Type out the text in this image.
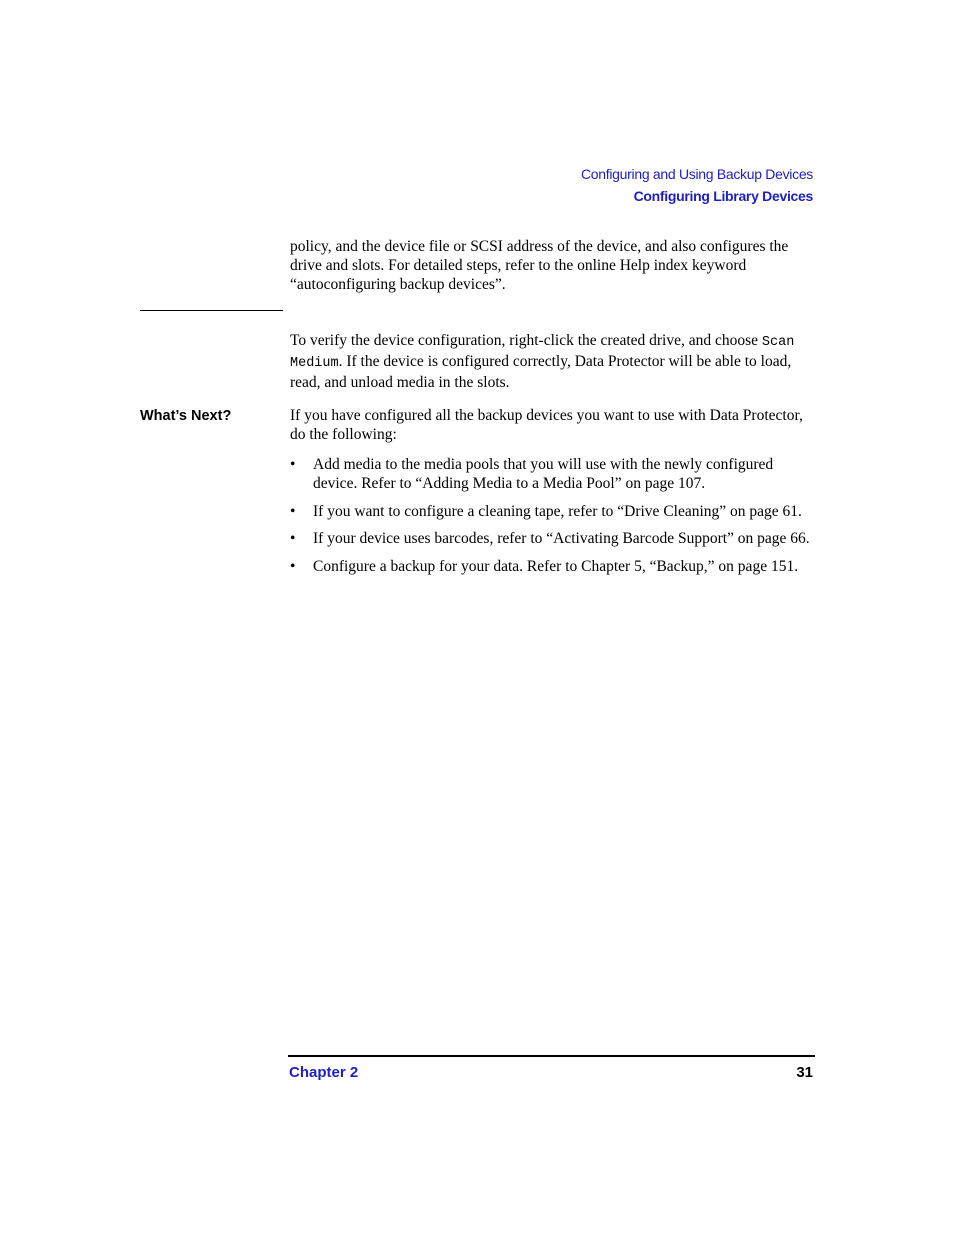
Configuring and Using Backup Devices
Configuring Library Devices

policy, and the device file or SCSI address of the device, and also configures the drive and slots. For detailed steps, refer to the online Help index keyword “autoconfiguring backup devices”.

To verify the device configuration, right-click the created drive, and choose Scan Medium. If the device is configured correctly, Data Protector will be able to load, read, and unload media in the slots.

What’s Next?	If you have configured all the backup devices you want to use with Data Protector, do the following:

• Add media to the media pools that you will use with the newly configured device. Refer to “Adding Media to a Media Pool” on page 107.
• If you want to configure a cleaning tape, refer to “Drive Cleaning” on page 61.
• If your device uses barcodes, refer to “Activating Barcode Support” on page 66.
• Configure a backup for your data. Refer to Chapter 5, “Backup,” on page 151.
Chapter 2	31
